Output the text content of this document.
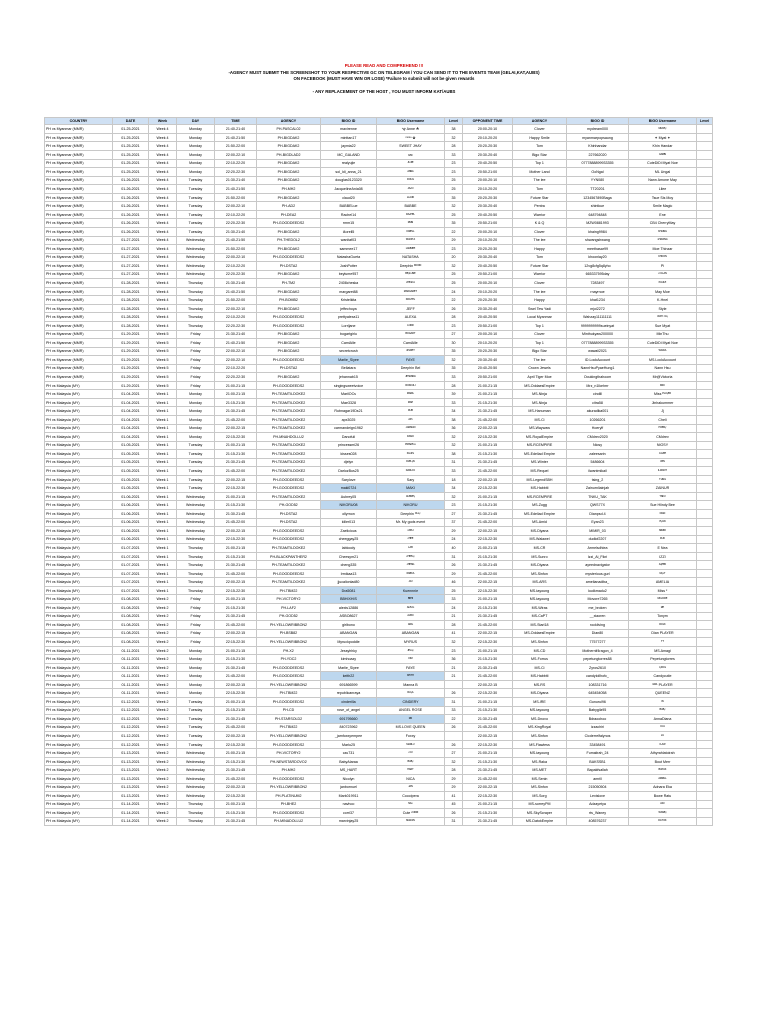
PLEASE READ AND COMPREHEND !!!
-AGENCY MUST SUBMIT THE SCREENSHOT TO YOUR RESPECTIVE GC ON TELEGRAM / YOU CAN SEND IT TO THE EVENTS TEAM (GELAI,KAT,AUBS)
ON FACEBOOK (MUST HAVE WIN OR LOSE) *Failure to submit will not be given rewards
- ANY REPLACEMENT OF THE HOST , YOU MUST INFORM KAT/AUBS
COUNTRY	DATE	Week	DAY	TIME	AGENCY	BIGO ID	BIGO Username	Level	OPPONENT TIME	AGENCY	BIGO ID	BIGO Username	Level
PH vs Myanmar (MMR)	01-25-2021	Week 4	Monday	21:40-21:40	PH-PASCAL02	mavirenne	ꩂ Anne ☘	38	20:00-20:10	Clover	mydream000	ᴹᴵᶜᴷᴱᵞ	
PH vs Myanmar (MMR)	01-25-2021	Week 4	Monday	21:40-21:50	PH-BIGDAK2	minttan17	ᵐᵒᵒⁿ ✿	32	20:10-20:20	Happy Smile	myanmarpopsaung	✦ Myat ✦	
PH vs Myanmar (MMR)	01-25-2021	Week 4	Monday	21:50-22:00	PH-BIGDAK2	jaymia22	SWEET JHAY	28	20:20-20:30	Tom	Khinhandar	Khin Handar	
PH vs Myanmar (MMR)	01-25-2021	Week 4	Monday	22:00-22:10	PH-BIGDLAD2	MC_GALAND	ᴍᴄ	33	20:30-20:40	Bigo Star	227662020	ᴳᴬᴮᴮᴵ	
PH vs Myanmar (MMR)	01-25-2021	Week 4	Monday	22:10-22:20	PH-BIGDAK2	realyujie	ᴶᵁᴶᴵᴱ	23	20:40-20:50	Top 1	0777888899933355	CuteDiDi Myat Noe	
PH vs Myanmar (MMR)	01-25-2021	Week 4	Monday	22:20-22:30	PH-BIGDAK2	sol_ldi_anna_21	ᴬᴺᴺᴬ	23	20:50-21:00	Mother Land	OoNgal	ML Ungal	
PH vs Myanmar (MMR)	01-26-2021	Week 4	Tuesday	21:30-21:40	PH-BIGDAK2	douglas0123320	ᴰᴼᵁᴳ	25	20:00-20:10	The lee	YYN080	Nann Amone May	
PH vs Myanmar (MMR)	01-26-2021	Week 4	Tuesday	21:40-21:50	PH-MH2	JacquelineAnia08	ᴶᴬᶜᴼ	25	20:10-20:20	Tom	TT20201	Lilee	
PH vs Myanmar (MMR)	01-26-2021	Week 4	Tuesday	21:50-22:00	PH-BIGDAK2	claud20	ᶜᴸᴬᵁᴰ	35	20:20-20:30	Future Star	1234567890Baga	Tsue Sis Moy	
PH vs Myanmar (MMR)	01-26-2021	Week 4	Tuesday	22:00-22:10	PH-AD2	BABBELue	BABBE	32	20:30-20:40	Pentra	shintkue	Smile Magic	
PH vs Myanmar (MMR)	01-26-2021	Week 4	Tuesday	22:10-22:20	PH-DEA2	Rachel14	ᴿᴬᶜᴴᴱᴸ	25	20:40-20:50	Warrior	648794848	Ene	
PH vs Myanmar (MMR)	01-26-2021	Week 4	Tuesday	22:20-22:30	PH-GOODDEEDS2	rmm15	ᴿᴹᴹ	35	20:50-21:00	K & Q	MZW0881993	CB4 CherryMay	
PH vs Myanmar (MMR)	01-26-2021	Week 4	Tuesday	21:30-21:40	PH-BIGDAK2	i4orell5	ᴵᴼᴿᴱᴸᴸ	22	20:00-20:10	Clover	khaing9984	ᴷᴴᴬᴵᴺᴳ	
PH vs Myanmar (MMR)	01-27-2021	Week 4	Wednesday	21:40-21:50	PH-THEDOL2	wanitaf03	ᵂᴬᴺᴵᵀᴬ	29	20:10-20:20	The lee	shwangshwang	ˢᴴᵂᴬᴺᴳ	
PH vs Myanmar (MMR)	01-27-2021	Week 4	Wednesday	21:50-22:00	PH-BIGDAK2	sammee17	ˢᴬᴹᴹᴱᴱ	23	20:20-20:30	Happy	meethasar99	Moe Thinzar	
PH vs Myanmar (MMR)	01-27-2021	Week 4	Wednesday	22:00-22:10	PH-GOODDEEDS2	NatashaGueta	NATASHA	20	20:30-20:40	Tom	khoonlay20	ᴷᴴᴼᴼᴺ	
PH vs Myanmar (MMR)	01-27-2021	Week 4	Wednesday	22:10-22:20	PH-DSTA2	JoshPotter	Deephin ᴹᴼᴼᴺ	32	20:40-20:50	Future Star	12vg8cfg5q8yho	Pi	
PH vs Myanmar (MMR)	01-27-2021	Week 4	Wednesday	22:20-22:30	PH-BIGDAK2	beylume957	ᴮᴱᵞᴸᵁᴹᴱ	25	20:50-21:00	Warrior	665337595day	ᶜᶻᶻᴸᴬᴺ	
PH vs Myanmar (MMR)	01-28-2021	Week 4	Thursday	21:30-21:40	PH-TM2	2408cheska	ᶜᴴᴱˢᴷᴬ	25	20:00-20:10	Clover	7283497	ᴾᴬᵁᴸᴱ	
PH vs Myanmar (MMR)	01-28-2021	Week 4	Thursday	21:40-21:50	PH-BIGDAK2	margaret88	ᴹᴬᴿᴳᴬᴿᴱᵀ	24	20:10-20:20	The lee	rnayrnoe	May Moe	
PH vs Myanmar (MMR)	01-28-2021	Week 4	Thursday	21:50-22:00	PH-BOMB2	Kristelkita	ᴷᴿᴵˢᵀᴱᴸ	22	20:20-20:30	Happy	khat1234	K-Hnel	
PH vs Myanmar (MMR)	01-28-2021	Week 4	Thursday	22:00-22:10	PH-BIGDAK2	jeffechoya	JEFF	26	20:30-20:40	Swel Tew Yadi	mjoi2272	Style	
PH vs Myanmar (MMR)	01-28-2021	Week 4	Thursday	22:10-22:20	PH-GOODDEEDS2	prettyalexa11	ALEXA	28	20:40-20:50	Local Myanmar	Wahzay111111111	ᵂᴬᴴ ᶻᴬᵞ	
PH vs Myanmar (MMR)	01-28-2021	Week 4	Thursday	22:20-22:30	PH-GOODDEEDS2	Lorrljane	ᴸᴼᴿᴿ	23	20:50-21:00	Top 1	9999999999sueinyat	Sue Myat	
PH vs Myanmar (MMR)	01-29-2021	Week 5	Friday	21:30-21:40	PH-BIGDAK2	bogartgirlu	ᴮᴼᴳᴬᴿᵀ	27	20:00-20:10	Clover	Minthukyaw200000	MinThu	
PH vs Myanmar (MMR)	01-29-2021	Week 5	Friday	21:40-21:50	PH-BIGDAK2	CamiAlle	CamiAlle	30	20:10-20:20	Top 1	0777888899933355	CuteDiDi Myat Noe	
PH vs Myanmar (MMR)	01-29-2021	Week 5	Friday	22:00-22:10	PH-BIGDAK2	secretcrush	ˢᴱᶜᴿᴱᵀ	35	20:20-20:30	Bigo Star	wawaii2021	ᵂᴬᵂᴬ	
PH vs Myanmar (MMR)	01-29-2021	Week 5	Friday	22:00-22:10	PH-GOODDEEDS2	Marlie_Siyee	FAYE	32	20:30-20:40	The lee	ID.LockAccount	MS.LockAccount	
PH vs Myanmar (MMR)	01-29-2021	Week 5	Friday	22:10-22:20	PH-DSTA2	Bellatara	Deephin Bel	35	20:40-20:50	Crown Jewels	NannHsuPyaeHung1	Nann Hsu	
PH vs Myanmar (MMR)	01-29-2021	Week 5	Friday	22:20-22:30	PH-BIGDAK2	jehannab15	ᴶᴱᴴᴬᴺᴺᴬ	33	20:50-21:00	April Tiger Moe	Ooukingthahoom	Mr@Victoria	
PH vs Malaysia (MY)	01-29-2021	Week 5	Friday	21:00-21:15	PH-GOODDEEDS2	singingsweetvoice	ᴿᴼᴷᴷᵁᴸᴵ	28	21:00-21:15	MS-OddaesEmpire	Mrz_n1lkehrrr	ᴹᴿᶻ	
PH vs Malaysia (MY)	01-04-2021	Week 1	Monday	21:00-21:15	PH-TEAMTILDOKE2	MarilOCs	ᴹᴬᴿᴵᴸ	39	21:00-21:15	MS-Ninja	cindill	Miss ᴾᴸᴬᵞᴱᴿ	
PH vs Malaysia (MY)	01-04-2021	Week 1	Monday	21:15-21:30	PH-TEAMTILDOKE2	Mae3328	ᴹᴬᴱ	33	21:15-21:30	MS-Ninja	citra58	Jinhakummer	
PH vs Malaysia (MY)	01-04-2021	Week 1	Monday	21:30-21:45	PH-TEAMTILDOKE2	Rubnagar19Ds21	ᴿᵁᴮ	34	21:30-21:45	MS-Hanuman	akuradika001	Jj	
PH vs Malaysia (MY)	01-04-2021	Week 1	Monday	21:45-22:00	PH-TEAMTILDOKE2	apx3025	ᴬᴾˣ	38	21:45-22:00	MS-Ci	10266201	Cheli	
PH vs Malaysia (MY)	01-04-2021	Week 1	Monday	22:00-22:15	PH-TEAMTILDOKE2	carmandeign1962	ᶜᴬᴿᴹᴬᴺ	36	22:00-22:15	MS-Waywaw	Hoerylf	ᴴᴼᴱᴿᵞ	
PH vs Malaysia (MY)	01-04-2021	Week 1	Monday	22:15-22:30	PH-MNAHDOLLU2	Danofuli	ᴰᴬᴺᴼ	32	22:15-22:30	MS-RoyalEmpire	CMdrev2020	CMdrev	
PH vs Malaysia (MY)	01-05-2021	Week 1	Tuesday	21:00-21:15	PH-TEAMTILDOKE2	princessmi26	ᴾᴿᴵᴺᶜᴱˢˢ	32	21:00-21:15	MS-RCEMPIRE	Niosy	NIOSY	
PH vs Malaysia (MY)	01-05-2021	Week 1	Tuesday	21:15-21:30	PH-TEAMTILDOKE2	kisses028	ᴷᴵˢˢᴱˢ	38	21:15-21:30	MS-Edeliad Empire	zaleesarin	ᶻᴬᴸᴱᴱ	
PH vs Malaysia (MY)	01-05-2021	Week 1	Tuesday	21:30-21:45	PH-TEAMTILDOKE2	djelyn	ᴰᴶᴱᴸᵞᴺ	31	21:30-21:45	MS-Winter	5486604	ᵂᴵᴺ	
PH vs Malaysia (MY)	01-05-2021	Week 1	Tuesday	21:45-22:00	PH-TEAMTILDOKE2	DarlozBus25	ᴰᴬᴿᴸᴼᶻ	33	21:45-22:00	MS-Requel	ilwantmikail	ᴵᴸᵂᴬᴺᵀ	
PH vs Malaysia (MY)	01-05-2021	Week 1	Tuesday	22:00-22:15	PH-GOODDEEDS2	Sarylove	Sary	18	22:00-22:15	MS-LegendSBH	tsing_2	ᵀˢᴵᴺᴳ	
PH vs Malaysia (MY)	01-05-2021	Week 1	Tuesday	22:15-22:30	PH-GOODDEEDS2	maki0724	MAKI	34	22:15-22:30	MS-Habbiti	Zainurnliainjah	ZAINUR	
PH vs Malaysia (MY)	01-06-2021	Week 1	Wednesday	21:00-21:15	PH-TEAMTILDOKE2	Aubrey05	ᴬᵁᴮᴿᴱᵞ	32	21:00-21:15	MS-RCEMPIRE	TNKU_TAK	ᵀᴺᴷᵁ	
PH vs Malaysia (MY)	01-06-2021	Week 1	Wednesday	21:15-21:30	PH-GOD52	NIKORU08	NIKORU	23	21:15-21:30	MS-Zugg	QWS77X	Sue Hlindy Bee	
PH vs Malaysia (MY)	01-06-2021	Week 1	Wednesday	21:30-21:45	PH-DSTA2	ollyrnon	Deephin ᴼᴸᴸᵞ	27	21:30-21:45	MS-Edeliad Empire	Dianpsd.4	ᴰᴵᴬᴺ	
PH vs Malaysia (MY)	01-06-2021	Week 1	Wednesday	21:45-22:00	PH-DSTA2	killer013	Mr. My gods event	37	21:45-22:00	MS-Amid	Eyan23	ᴱᵞᴬᴺ	
PH vs Malaysia (MY)	01-06-2021	Week 1	Wednesday	22:00-22:15	PH-GOODDEEDS2	Zaelicious	ᶻᴬᴱᴸᴵ	29	22:00-22:15	MS-Diyana	MIMIR_03	ᴹᴵᴹᴵᴿ	
PH vs Malaysia (MY)	01-06-2021	Week 1	Wednesday	22:15-22:30	PH-GOODDEEDS2	cheeggay25	ᶜᴴᴱᴱ	24	22:15-22:30	MS-Walawel	dudlof2207	ᴰᵁᴰ	
PH vs Malaysia (MY)	01-07-2021	Week 1	Thursday	21:00-21:15	PH-TEAMTILDOKE2	labloody	ᴸᴬᴮ	40	21:00-21:15	MS-CR	Armelsdhiea	E Nea	
PH vs Malaysia (MY)	01-07-2021	Week 1	Thursday	21:15-21:30	PH-BLACKPANTHER2	Cheesym21	ᶜᴴᴱᴱˢᵞ	31	21:15-21:30	MS-Sunro	Izzi_Ai_Fikri	IZZI	
PH vs Malaysia (MY)	01-07-2021	Week 1	Thursday	21:30-21:45	PH-TEAMTILDOKE2	cheng335	ᶜᴴᴱᴺᴳ	26	21:30-21:45	MS-Diyana	ayeednavigator	ᴬᵞᴱᴱᴰ	
PH vs Malaysia (MY)	01-07-2021	Week 1	Thursday	21:45-22:00	PH-GOODDEEDS2	Irmikaa13	ᴵᴿᴹᴵᴷᴬ	29	21:45-22:00	MS-Sinfon	mysterious.gurl	ᴹᵞˢᵀ	
PH vs Malaysia (MY)	01-07-2021	Week 1	Thursday	22:00-22:15	PH-TEAMTILDOKE2	jjucalionlad80	ᴶᴶᵁ	46	22:00-22:15	MS-ARS	amelianadiba_	AMELIA	
PH vs Malaysia (MY)	01-07-2021	Week 1	Thursday	22:15-22:30	PH-TBM22	Dra5081	Kuennnie	25	22:15-22:30	MS-tayoung	kudkmadu2	Miss ᶜ	
PH vs Malaysia (MY)	01-08-2021	Week 2	Friday	21:00-21:15	PH-VICTORY2	BBHIXHIS	ᴮᴮᴴᴵ	33	21:00-21:15	MS-tayoung	Movore7265	ᴹᴼᵛᴼᴿᴱ	
PH vs Malaysia (MY)	01-08-2021	Week 2	Friday	21:15-21:30	PH-LAF2	alexis12886	ᴬᴸᴱˣᴵˢ	24	21:15-21:30	MS-Wiras	me_broken	ᴹᴱ	
PH vs Malaysia (MY)	01-08-2021	Week 2	Friday	21:30-21:45	PH-GOD52	ASBO8627	ᴬˢᴮᴼ	21	21:30-21:45	MS-CaPT	__xiaoren	Tonym	
PH vs Malaysia (MY)	01-08-2021	Week 2	Friday	21:45-22:00	PH-YELLOWRIBBON2	girlbono	ᴳᴵᴿᴸ	28	21:45-22:00	MS-Starl18	rockliving	ᴿᴼᶜᴷ	
PH vs Malaysia (MY)	01-08-2021	Week 2	Friday	22:00-22:15	PH-BSB82	ABANGAN	ABANGAN	41	22:00-22:15	MS-OddaesEmpire	Dian80	Dian PLAYER	
PH vs Malaysia (MY)	01-08-2021	Week 2	Friday	22:15-22:30	PH-YELLOWRIBBON2	Myruckpoddle	MYRUS	32	22:15-22:30	MS-Sinfon	77577277	ᵀᵀ	
PH vs Malaysia (MY)	01-11-2021	Week 2	Monday	21:00-21:15	PH-X2	Jessyhhky	ᴶᴱˢˢᵞ	23	21:00-21:15	MS-CD	Mothernlf4ragon_4	MS.Amagi	
PH vs Malaysia (MY)	01-11-2021	Week 2	Monday	21:15-21:30	PH-YDC2	kimhoazy	ᴷᴵᴹ	36	21:15-21:30	MS-Forrus	pepetungtorres88	Pepetungtorres	
PH vs Malaysia (MY)	01-11-2021	Week 2	Monday	21:30-21:45	PH-GOODDEEDS2	Marlie_Siyee	FAYE	21	21:30-21:45	MS-Ci	Zyros2610	ᶻᵞᴿᴼˢ	
PH vs Malaysia (MY)	01-11-2021	Week 2	Monday	21:45-22:00	PH-GOODDEEDS2	keith22	ᴷᴱᴵᵀᴴ	21	21:45-22:00	MS-Habbiti	candylollhofc_	Candycutie	
PH vs Malaysia (MY)	01-11-2021	Week 2	Monday	22:00-22:15	PH-YELLOWRIBBON2	691866599	Manna B		22:00-22:15	MS-RS	108331716	ᴳᴵᴿᴸ PLAYER	
PH vs Malaysia (MY)	01-11-2021	Week 2	Monday	22:15-22:30	PH-TBM22	republicanraya	ᴿᴬᵞᴬ	26	22:15-22:30	MS-Diyana	645454058	QUEENZ	
PH vs Malaysia (MY)	01-12-2021	Week 2	Tuesday	21:00-21:15	PH-GOODDEEDS2	cinderilla	CINDERY	31	21:00-21:15	MS-IRE	Gunurul96	ᴵᴺ	
PH vs Malaysia (MY)	01-12-2021	Week 2	Tuesday	21:15-21:30	PH-CD	rose_of_angel	ANGEL ROSE	33	21:15-21:30	MS-tayoung	Babygilz95	ᴮᴬᴮᵞ	
PH vs Malaysia (MY)	01-12-2021	Week 2	Tuesday	21:30-21:45	PH-STARSOLD2	691795660	ᴿᴿ	22	21:30-21:45	MS-Dnovo	Bdraoohoo	AnnaDiana	
PH vs Malaysia (MY)	01-12-2021	Week 2	Tuesday	21:45-22:00	PH-TBM22	840723962	MS.LOVE QUEEN	26	21:45-22:00	MS-KingRoyal	izzachiri	ᴵᶻᶻᴬ	
PH vs Malaysia (MY)	01-12-2021	Week 2	Tuesday	22:00-22:15	PH-YELLOWRIBBON2	_jamfoxxyempee	Foxxy		22:00-22:15	MS-Sinfon	Cicderrelfalynos	ᶜᴵᶜ	
PH vs Malaysia (MY)	01-12-2021	Week 2	Tuesday	22:15-22:30	PH-GOODDEEDS2	Marlu25	ᴹᴬᴿᴸᵁ	26	22:15-22:30	MS-Flawless	33458491	ᶠᴸᴬᵂ	
PH vs Malaysia (MY)	01-13-2021	Week 2	Wednesday	21:00-21:15	PH-VICTORY2	czu731	ᶜᶻᵁ	27	21:00-21:15	MS-tayoung	Fumaiirah_24	Athyrahlatoirah	
PH vs Malaysia (MY)	01-13-2021	Week 2	Wednesday	21:15-21:30	PH-NEWSTARDOVO2	BabyAlaraa	ᴮᴬᴮᵞ	32	21:15-21:30	MS-Raka	BAKSSB1	Bout Merr	
PH vs Malaysia (MY)	01-13-2021	Week 2	Wednesday	21:30-21:45	PH-MH2	MS_HART	ᴴᴬᴿᵀ	28	21:30-21:45	MS-MET	Bapakfsallah	ᴮᴬᴾᴬᴷ	
PH vs Malaysia (MY)	01-13-2021	Week 2	Wednesday	21:45-22:00	PH-GOODDEEDS2	Nicolyn	NICA	29	21:45-22:00	MS-Senin	amrill	ᴬᴹᴿᴵᴸᴸ	
PH vs Malaysia (MY)	01-13-2021	Week 2	Wednesday	22:00-22:15	PH-YELLOWRIBBON2	janbornuel	ᴶᴬᴺ	29	22:00-22:15	MS-Sinfon	215050504	Adnara Eka	
PH vs Malaysia (MY)	01-13-2021	Week 2	Wednesday	22:15-22:30	PH-PLATINUM2	Mark019911	Coooipera	41	22:15-22:30	MS-Sorg	Lexislove	Bowe Ratu	
PH vs Malaysia (MY)	01-14-2021	Week 2	Thursday	21:00-21:15	PH-BHE2	navhoo	ᴺᴬᵛ	45	21:00-21:15	MS-sorreyPM	Adzayetya	ᴬᴰᶻ	
PH vs Malaysia (MY)	01-14-2021	Week 2	Thursday	21:15-21:30	PH-GOODDEEDS2	corri37	Cute ᶜᴼᴿᴿᴵ	26	21:15-21:30	MS-SkyScraper	rts_Waney	ᵂᴬᴺᴱᵞ	
PH vs Malaysia (MY)	01-14-2021	Week 2	Thursday	21:30-21:45	PH-MINADOLLU2	marvinjay25	ᴹᴬᴿᵛᴵᴺ	31	21:30-21:45	MS-DatokEmpire	408576237	ᴰᴬᵀᴼᴷ	
